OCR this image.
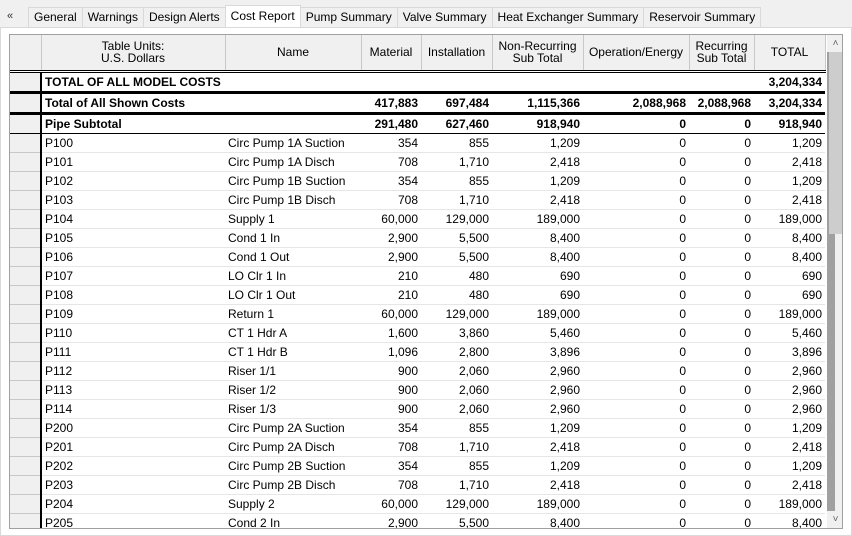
«	General Warnings Design Alerts Cost Report Pump Summary Valve Summary Heat Exchanger Summary Reservoir Summary
	Table Units:
U.S. Dollars	Name	Material	Installation	Non-Recurring
Sub Total	Operation/Energy	Recurring
Sub Total	TOTAL
	TOTAL OF ALL MODEL COSTS							3,204,334
	Total of All Shown Costs		417,883	697,484	1,115,366	2,088,968	2,088,968	3,204,334
	Pipe Subtotal		291,480	627,460	918,940	0	0	918,940
	P100	Circ Pump 1A Suction	354	855	1,209	0	0	1,209
	P101	Circ Pump 1A Disch	708	1,710	2,418	0	0	2,418
	P102	Circ Pump 1B Suction	354	855	1,209	0	0	1,209
	P103	Circ Pump 1B Disch	708	1,710	2,418	0	0	2,418
	P104	Supply 1	60,000	129,000	189,000	0	0	189,000
	P105	Cond 1 In	2,900	5,500	8,400	0	0	8,400
	P106	Cond 1 Out	2,900	5,500	8,400	0	0	8,400
	P107	LO Clr 1 In	210	480	690	0	0	690
	P108	LO Clr 1 Out	210	480	690	0	0	690
	P109	Return 1	60,000	129,000	189,000	0	0	189,000
	P110	CT 1 Hdr A	1,600	3,860	5,460	0	0	5,460
	P111	CT 1 Hdr B	1,096	2,800	3,896	0	0	3,896
	P112	Riser 1/1	900	2,060	2,960	0	0	2,960
	P113	Riser 1/2	900	2,060	2,960	0	0	2,960
	P114	Riser 1/3	900	2,060	2,960	0	0	2,960
	P200	Circ Pump 2A Suction	354	855	1,209	0	0	1,209
	P201	Circ Pump 2A Disch	708	1,710	2,418	0	0	2,418
	P202	Circ Pump 2B Suction	354	855	1,209	0	0	1,209
	P203	Circ Pump 2B Disch	708	1,710	2,418	0	0	2,418
	P204	Supply 2	60,000	129,000	189,000	0	0	189,000
	P205	Cond 2 In	2,900	5,500	8,400	0	0	8,400
˄
˅
